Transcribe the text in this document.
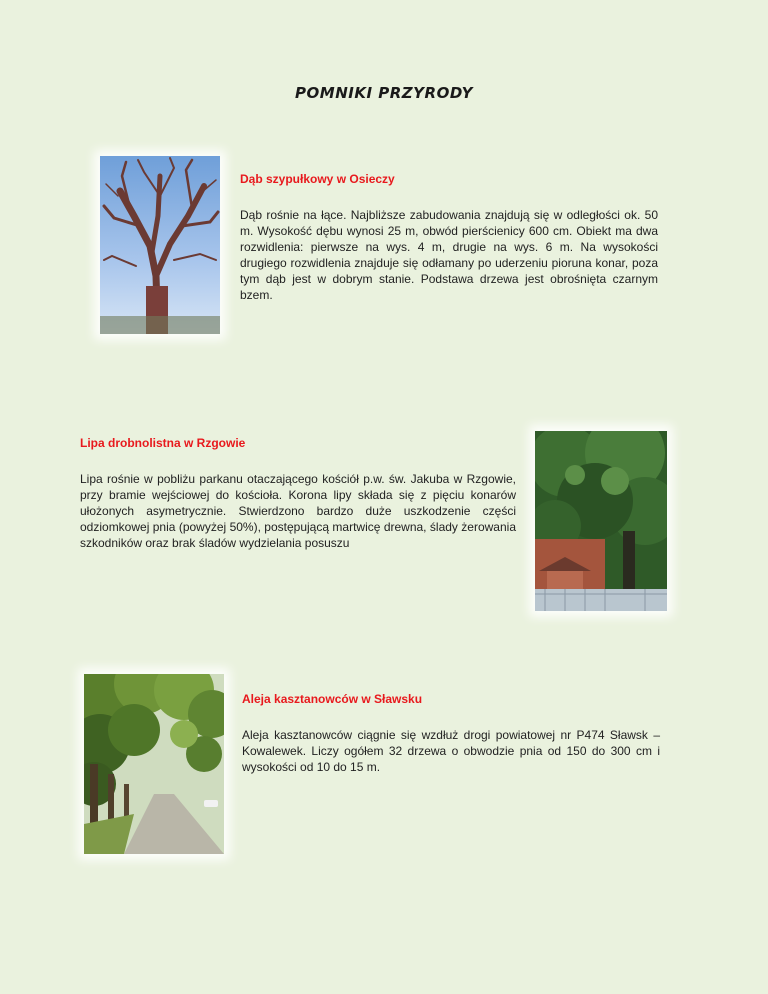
POMNIKI PRZYRODY

Dąb szypułkowy w Osieczy

Dąb rośnie na łące. Najbliższe zabudowania znajdują się w odległości ok. 50 m. Wysokość dębu wynosi 25 m, obwód pierścienicy 600 cm. Obiekt ma dwa rozwidlenia: pierwsze na wys. 4 m, drugie na wys. 6 m. Na wysokości drugiego rozwidlenia znajduje się odłamany po uderzeniu pioruna konar, poza tym dąb jest w dobrym stanie. Podstawa drzewa jest obrośnięta czarnym bzem.

Lipa drobnolistna w Rzgowie

Lipa rośnie w pobliżu parkanu otaczającego kościół p.w. św. Jakuba w Rzgowie, przy bramie wejściowej do kościoła. Korona lipy składa się z pięciu konarów ułożonych asymetrycznie. Stwierdzono bardzo duże uszkodzenie części odziomkowej pnia (powyżej 50%), postępującą martwicę drewna, ślady żerowania szkodników oraz brak śladów wydzielania posuszu

Aleja kasztanowców w Sławsku

Aleja kasztanowców ciągnie się wzdłuż drogi powiatowej nr P474 Sławsk – Kowalewek. Liczy ogółem 32 drzewa o obwodzie pnia od 150 do 300 cm i wysokości od 10 do 15 m.
